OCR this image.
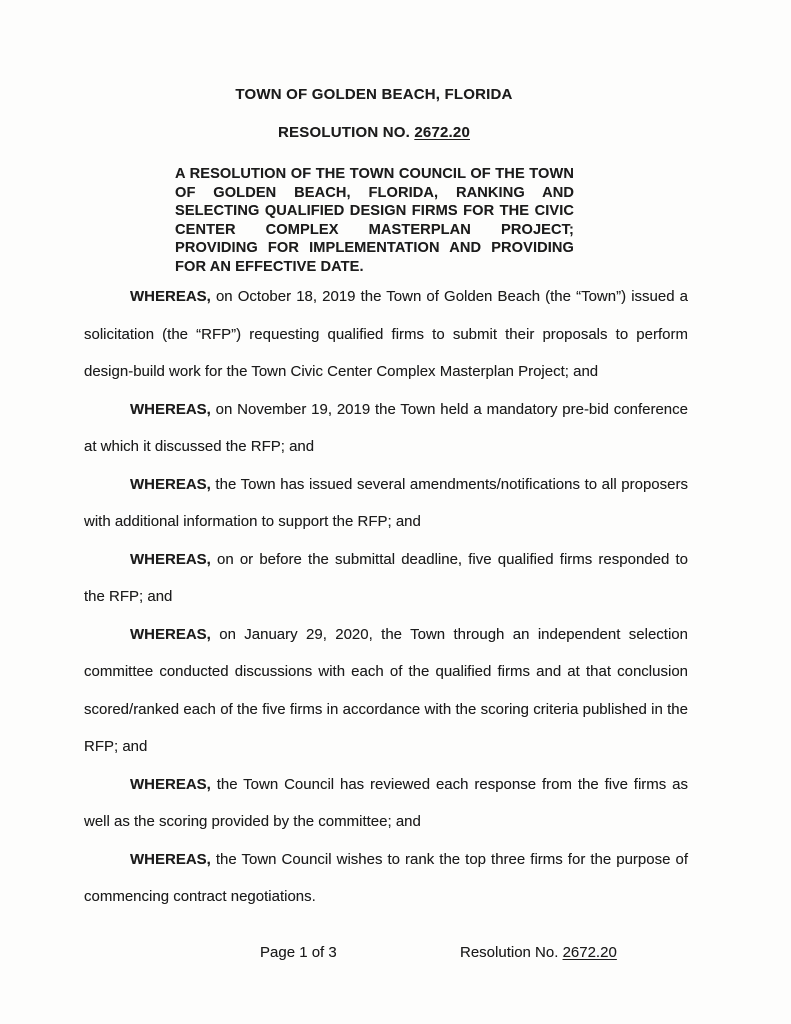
TOWN OF GOLDEN BEACH, FLORIDA
RESOLUTION NO. 2672.20
A RESOLUTION OF THE TOWN COUNCIL OF THE TOWN
OF GOLDEN BEACH, FLORIDA, RANKING AND
SELECTING QUALIFIED DESIGN FIRMS FOR THE CIVIC
CENTER COMPLEX MASTERPLAN PROJECT;
PROVIDING FOR IMPLEMENTATION AND PROVIDING
FOR AN EFFECTIVE DATE.

WHEREAS, on October 18, 2019 the Town of Golden Beach (the “Town”) issued a solicitation (the “RFP”) requesting qualified firms to submit their proposals to perform design-build work for the Town Civic Center Complex Masterplan Project; and

WHEREAS, on November 19, 2019 the Town held a mandatory pre-bid conference at which it discussed the RFP; and

WHEREAS, the Town has issued several amendments/notifications to all proposers with additional information to support the RFP; and

WHEREAS, on or before the submittal deadline, five qualified firms responded to the RFP; and

WHEREAS, on January 29, 2020, the Town through an independent selection committee conducted discussions with each of the qualified firms and at that conclusion scored/ranked each of the five firms in accordance with the scoring criteria published in the RFP; and

WHEREAS, the Town Council has reviewed each response from the five firms as well as the scoring provided by the committee; and

WHEREAS, the Town Council wishes to rank the top three firms for the purpose of commencing contract negotiations.

Page 1 of 3	Resolution No. 2672.20
